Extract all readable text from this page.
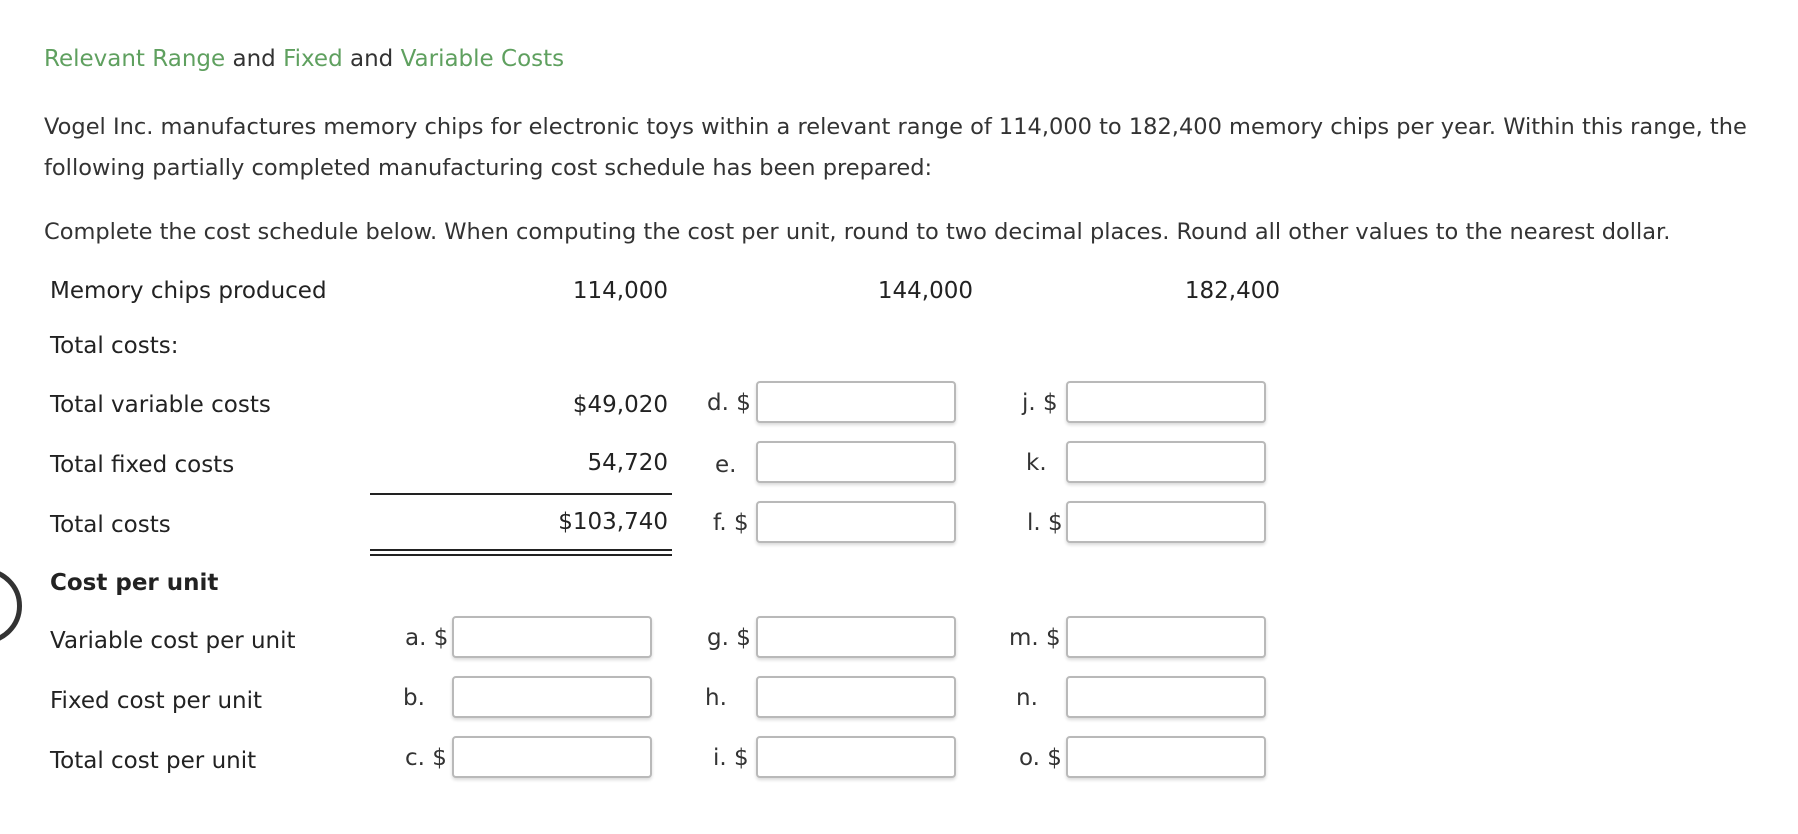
Relevant Range and Fixed and Variable Costs
Vogel Inc. manufactures memory chips for electronic toys within a relevant range of 114,000 to 182,400 memory chips per year. Within this range, the following partially completed manufacturing cost schedule has been prepared:
Complete the cost schedule below. When computing the cost per unit, round to two decimal places. Round all other values to the nearest dollar.
Memory chips produced	114,000	144,000	182,400
Total costs:
Total variable costs	$49,020 d. $	j. $
Total fixed costs	54,720 e.	k.
Total costs	$103,740 f. $	l. $
Cost per unit
Variable cost per unit	a. $	g. $	m. $
Fixed cost per unit	b.	h.	n.
Total cost per unit	c. $	i. $	o. $
